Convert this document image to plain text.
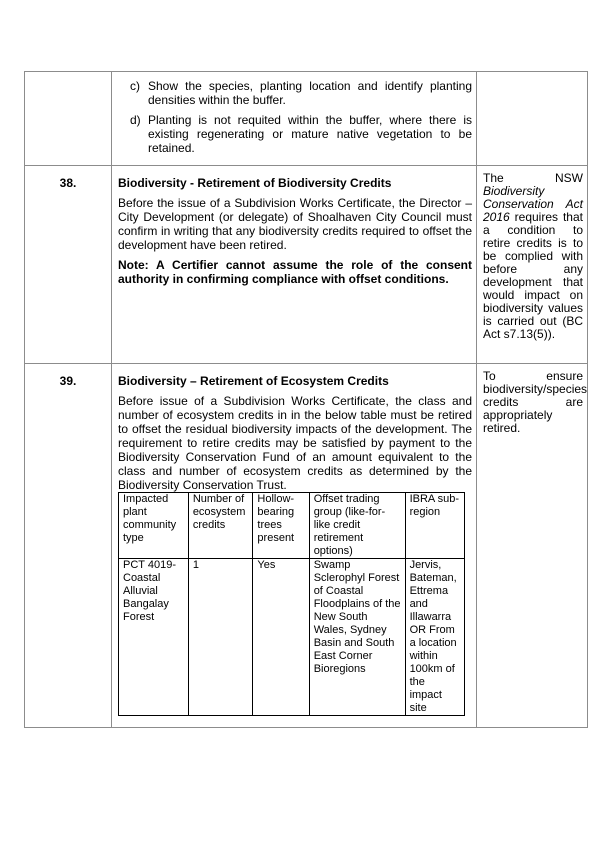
c) Show the species, planting location and identify planting densities within the buffer.
d) Planting is not requited within the buffer, where there is existing regenerating or mature native vegetation to be retained.

38.	Biodiversity - Retirement of Biodiversity Credits
Before the issue of a Subdivision Works Certificate, the Director – City Development (or delegate) of Shoalhaven City Council must confirm in writing that any biodiversity credits required to offset the development have been retired.
Note: A Certifier cannot assume the role of the consent authority in confirming compliance with offset conditions.
	The NSW Biodiversity Conservation Act 2016 requires that a condition to retire credits is to be complied with before any development that would impact on biodiversity values is carried out (BC Act s7.13(5)).
39.	Biodiversity – Retirement of Ecosystem Credits
Before issue of a Subdivision Works Certificate, the class and number of ecosystem credits in in the below table must be retired to offset the residual biodiversity impacts of the development. The requirement to retire credits may be satisfied by payment to the Biodiversity Conservation Fund of an amount equivalent to the class and number of ecosystem credits as determined by the Biodiversity Conservation Trust.
Impacted plant community type	Number of ecosystem credits	Hollow-bearing trees present	Offset trading group (like-for-like credit retirement options)	IBRA sub-region
PCT 4019-Coastal Alluvial Bangalay Forest	1	Yes	Swamp Sclerophyl Forest of Coastal Floodplains of the New South Wales, Sydney Basin and South East Corner Bioregions	Jervis, Bateman, Ettrema and Illawarra OR From a location within 100km of the impact site
	To ensure biodiversity/species credits are appropriately retired.
